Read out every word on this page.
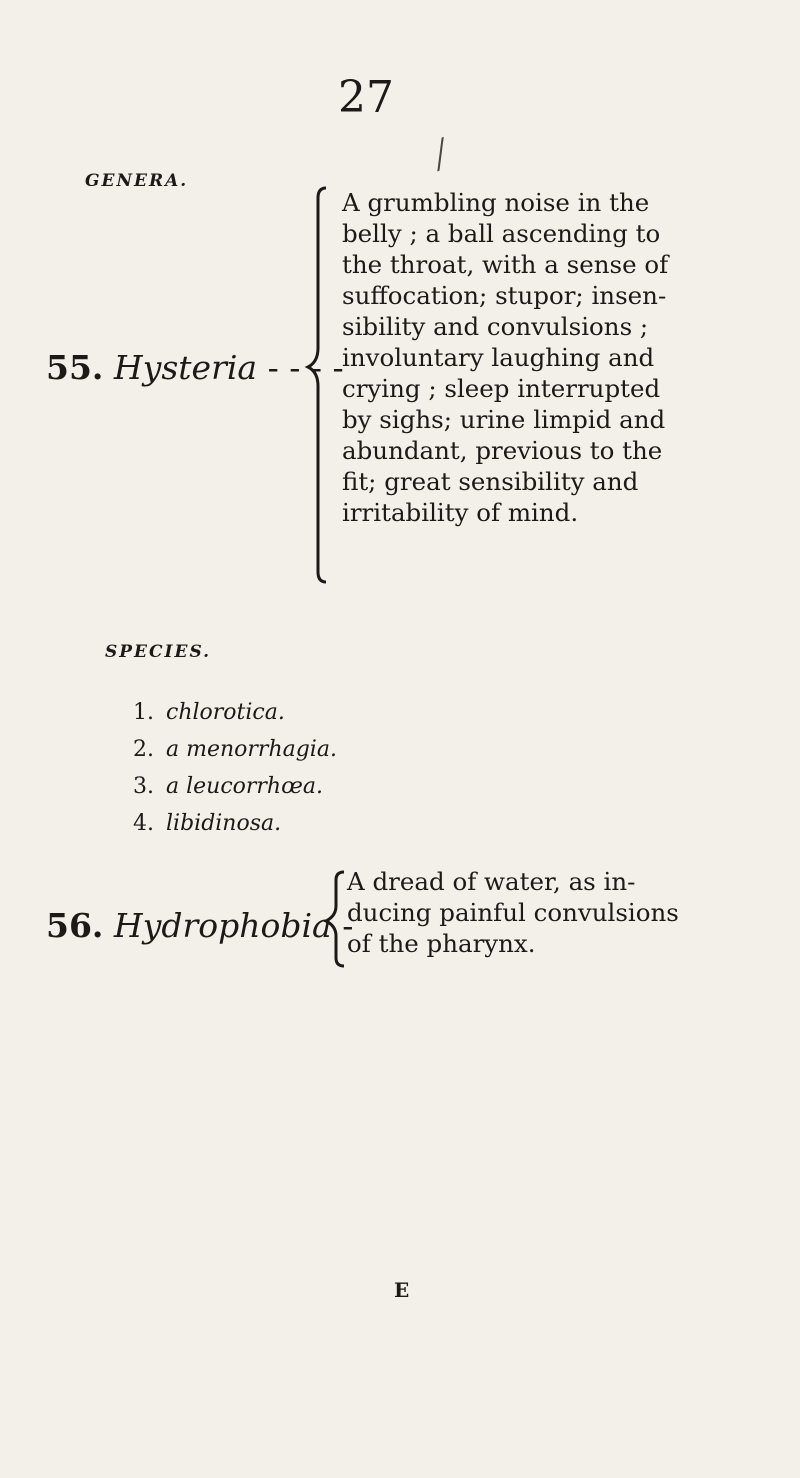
27
╱
GENERA.
55. Hysteria - - - -
A grumbling noise in the
belly ; a ball ascending to
the throat, with a sense of
suffocation; stupor; insen-
sibility and convulsions ;
involuntary laughing and
crying ; sleep interrupted
by sighs; urine limpid and
abundant, previous to the
fit; great sensibility and
irritability of mind.
SPECIES.
1. chlorotica.
2. a menorrhagia.
3. a leucorrhœa.
4. libidinosa.
56. Hydrophobia -
A dread of water, as in-
ducing painful convulsions
of the pharynx.
E
